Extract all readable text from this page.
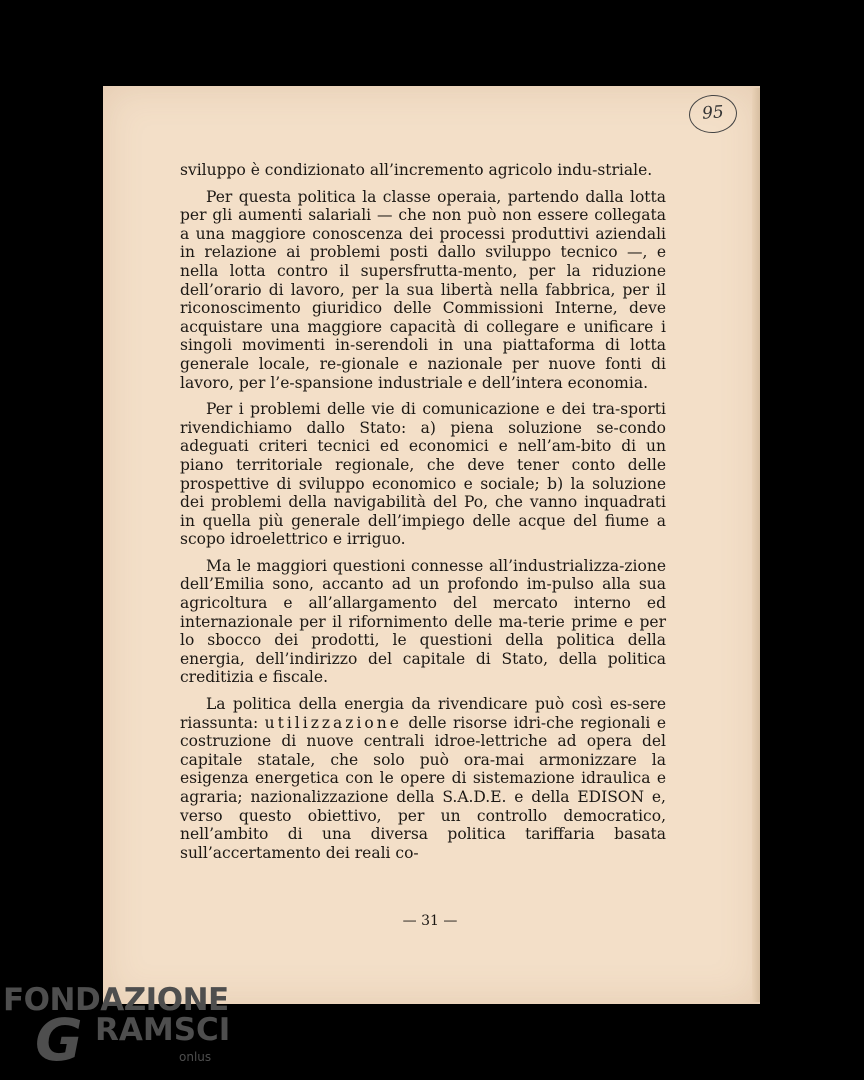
95

sviluppo è condizionato all’incremento agricolo indu-striale.

Per questa politica la classe operaia, partendo dalla lotta per gli aumenti salariali — che non può non essere collegata a una maggiore conoscenza dei processi produttivi aziendali in relazione ai problemi posti dallo sviluppo tecnico —, e nella lotta contro il supersfrutta-mento, per la riduzione dell’orario di lavoro, per la sua libertà nella fabbrica, per il riconoscimento giuridico delle Commissioni Interne, deve acquistare una maggiore capacità di collegare e unificare i singoli movimenti in-serendoli in una piattaforma di lotta generale locale, re-gionale e nazionale per nuove fonti di lavoro, per l’e-spansione industriale e dell’intera economia.

Per i problemi delle vie di comunicazione e dei tra-sporti rivendichiamo dallo Stato: a) piena soluzione se-condo adeguati criteri tecnici ed economici e nell’am-bito di un piano territoriale regionale, che deve tener conto delle prospettive di sviluppo economico e sociale; b) la soluzione dei problemi della navigabilità del Po, che vanno inquadrati in quella più generale dell’impiego delle acque del fiume a scopo idroelettrico e irriguo.

Ma le maggiori questioni connesse all’industrializza-zione dell’Emilia sono, accanto ad un profondo im-pulso alla sua agricoltura e all’allargamento del mercato interno ed internazionale per il rifornimento delle ma-terie prime e per lo sbocco dei prodotti, le questioni della politica della energia, dell’indirizzo del capitale di Stato, della politica creditizia e fiscale.

La politica della energia da rivendicare può così es-sere riassunta: utilizzazione delle risorse idri-che regionali e costruzione di nuove centrali idroe-lettriche ad opera del capitale statale, che solo può ora-mai armonizzare la esigenza energetica con le opere di sistemazione idraulica e agraria; nazionalizzazione della S.A.D.E. e della EDISON e, verso questo obiettivo, per un controllo democratico, nell’ambito di una diversa politica tariffaria basata sull’accertamento dei reali co-

— 31 —
FONDAZIONE
G RAMSCI
onlus
